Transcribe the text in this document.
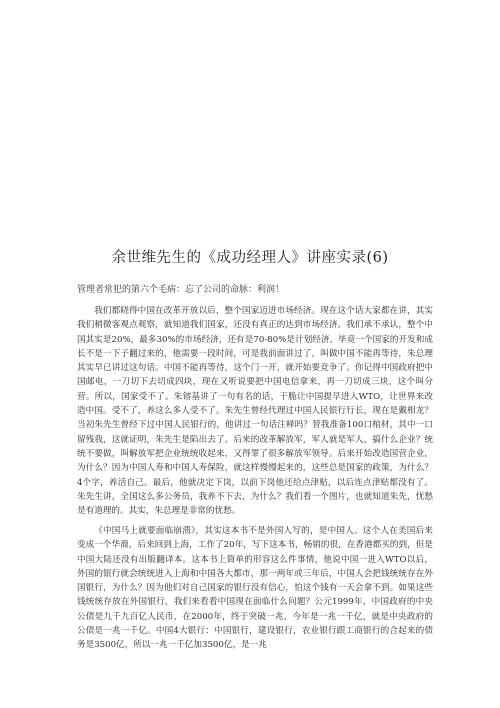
余世维先生的《成功经理人》讲座实录(6)
管理者常犯的第六个毛病：忘了公司的命脉：利润！

我们都晓得中国在改革开放以后，整个国家迈进市场经济。现在这个话大家都在讲，其实我们稍微客观点观察，就知道我们国家，还没有真正的达到市场经济。我们承不承认，整个中国其实是20%，最多30%的市场经济，还有是70-80%是计划经济。毕竟一个国家的开发和成长不是一下子翻过来的，他需要一段时间，可是我前面讲过了，叫做中国不能再等待，朱总理其实早已讲过这句话。中国不能再等待，这个门一开，就开始要竞争了。你记得中国政府把中国邮电，一刀切下去切成四块，现在又听说要把中国电信拿来，再一刀切成三块，这个叫分营。所以，国家受不了。朱镕基讲了一句有名的话，干脆让中国提早进入WTO，让世界来改造中国。受不了，养这么多人受不了。朱先生曾经代理过中国人民银行行长，现在是戴相龙？当初朱先生曾经下过中国人民银行的，他讲过一句话注释吗？替我准备100口棺材，其中一口留残我，这就证明，朱先生是陷出去了。后来的改革解放军，军人就是军人，搞什么企业？统统不要做，叫解放军把企业统统收起来，又得罪了很多解放军领导。后来开始改造国营企业，为什么？因为中国人寿和中国人寿保险，就这样慢慢起来的，这些总是国家的政策，为什么？4个字，养活自己。最后，他就决定下岗，以前下岗他还给点津贴，以后连点津贴都没有了。朱先生讲，全国这么多公务员，我养不下去，为什么？我们看一个图片，也就知道朱先，忧愁是有道理的。其实，朱总理是非常的忧愁。

《中国马上就要面临崩溃》，其实这本书不是外国人写的，是中国人。这个人在美国后来变成一个华裔，后来回到上海，工作了20年，写下这本书，畅销的很，在香港都买的到，但是中国大陆还没有出版翻译本。这本书上简单的形容这么件事情，他说中国一进入WTO以后，外国的银行就会统统进入上海和中国各大都市，那一两年或三年后，中国人会把钱统统存在外国银行，为什么？因为他们对自己国家的银行没有信心，怕这个钱有一天会拿不到。如果这些钱统统存放在外国银行，我们来看看中国现在面临什么问题？公元1999年，中国政府的中央公债是九千九百亿人民币，在2000年，终于突破一兆，今年是一兆一千亿，就是中央政府的公债是一兆一千亿。中国4大银行：中国银行，建设银行，农业银行跟工商银行的合起来的债务是3500亿，所以一兆一千亿加3500亿，是一兆
